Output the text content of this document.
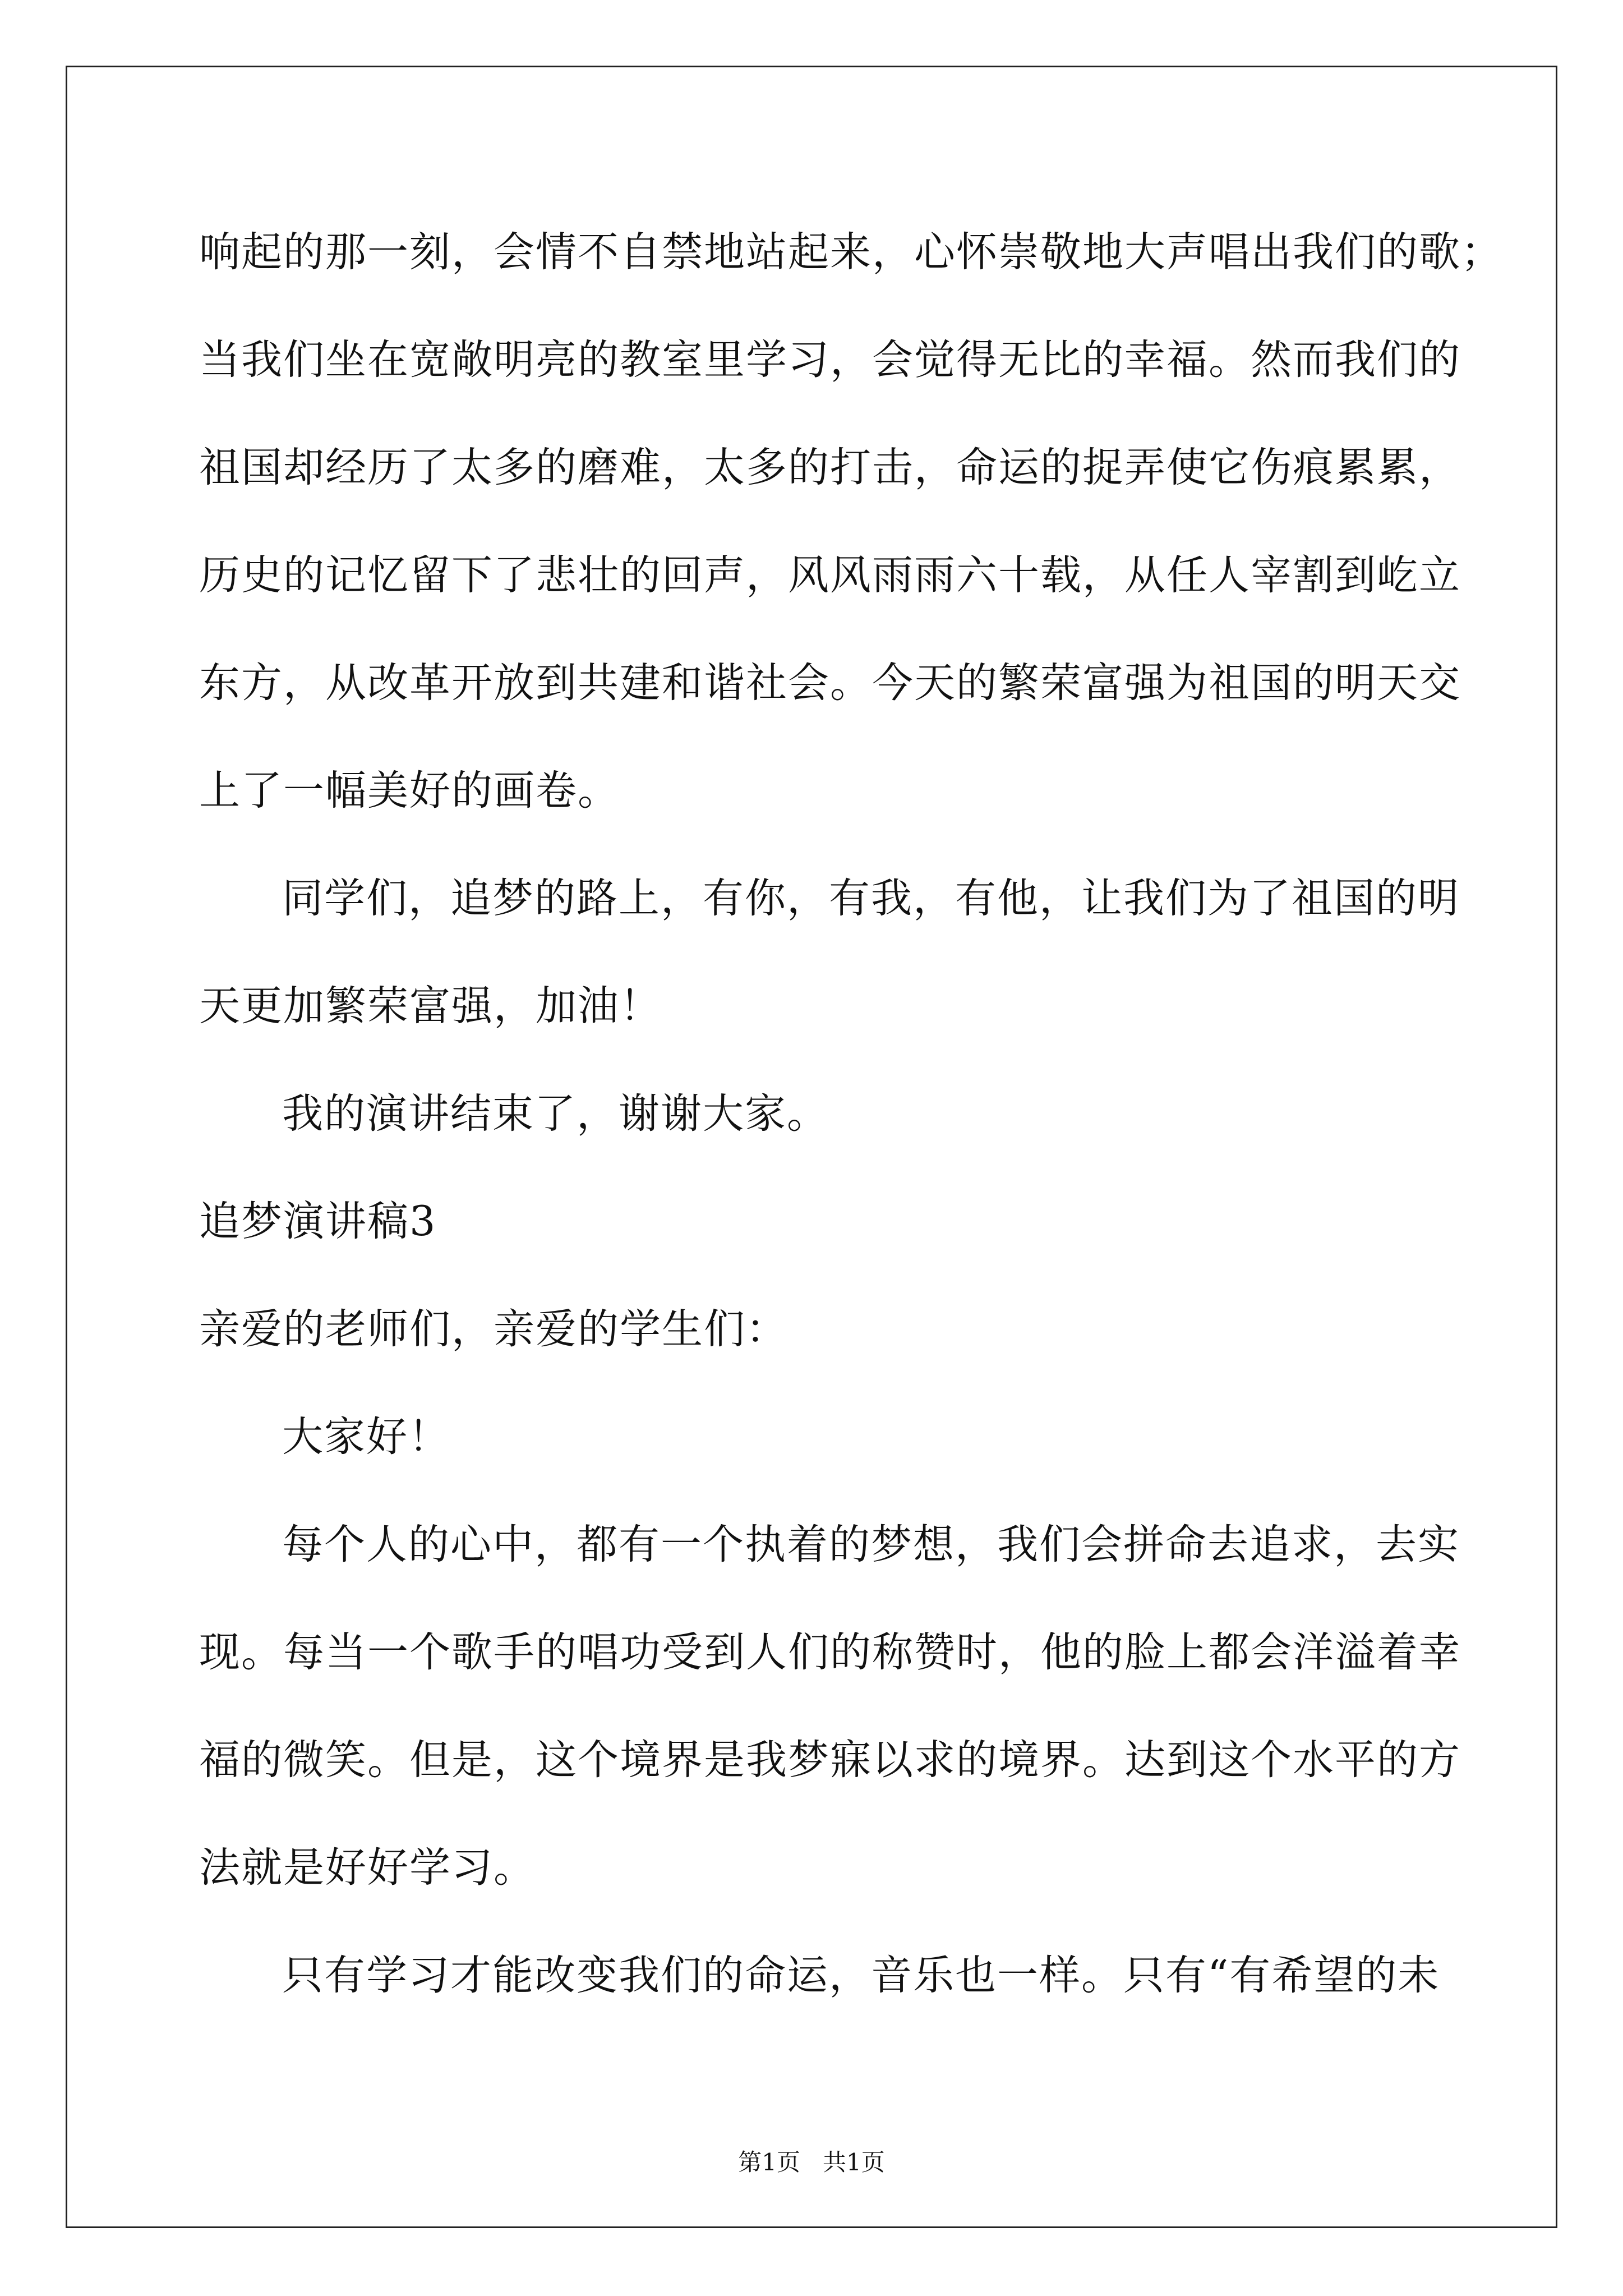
响起的那一刻，会情不自禁地站起来，心怀崇敬地大声唱出我们的歌；
当我们坐在宽敞明亮的教室里学习，会觉得无比的幸福。然而我们的
祖国却经历了太多的磨难，太多的打击，命运的捉弄使它伤痕累累，
历史的记忆留下了悲壮的回声，风风雨雨六十载，从任人宰割到屹立
东方，从改革开放到共建和谐社会。今天的繁荣富强为祖国的明天交
上了一幅美好的画卷。
同学们，追梦的路上，有你，有我，有他，让我们为了祖国的明
天更加繁荣富强，加油！
我的演讲结束了，谢谢大家。
追梦演讲稿3
亲爱的老师们，亲爱的学生们：
大家好！
每个人的心中，都有一个执着的梦想，我们会拼命去追求，去实
现。每当一个歌手的唱功受到人们的称赞时，他的脸上都会洋溢着幸
福的微笑。但是，这个境界是我梦寐以求的境界。达到这个水平的方
法就是好好学习。
只有学习才能改变我们的命运，音乐也一样。只有“有希望的未
第1页   共1页
